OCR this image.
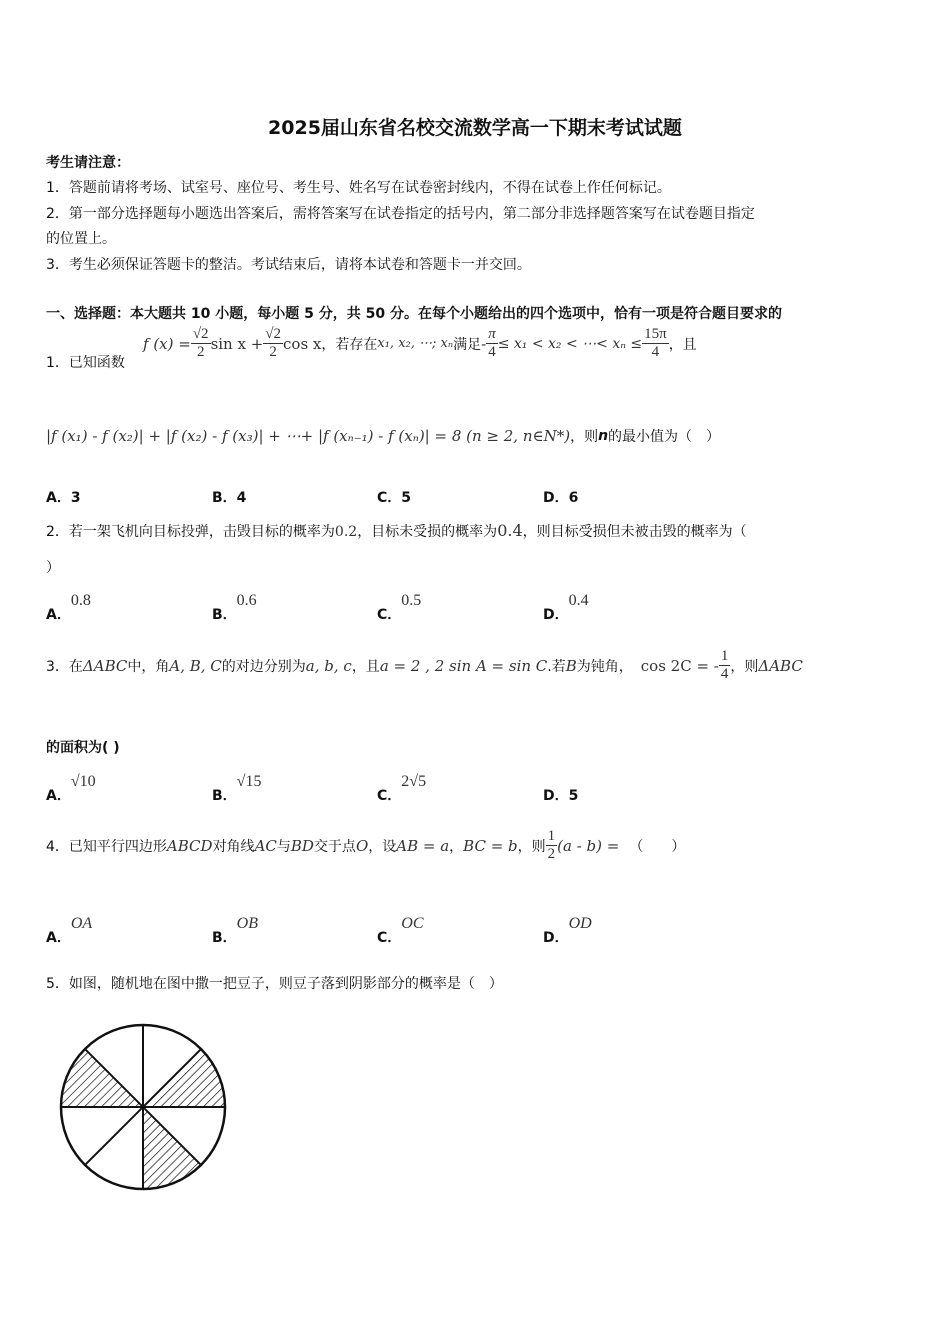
2025届山东省名校交流数学高一下期末考试试题
考生请注意：
1．答题前请将考场、试室号、座位号、考生号、姓名写在试卷密封线内，不得在试卷上作任何标记。
2．第一部分选择题每小题选出答案后，需将答案写在试卷指定的括号内，第二部分非选择题答案写在试卷题目指定
的位置上。
3．考生必须保证答题卡的整洁。考试结束后，请将本试卷和答题卡一并交回。
一、选择题：本大题共 10 小题，每小题 5 分，共 50 分。在每个小题给出的四个选项中，恰有一项是符合题目要求的
1．已知函数
f $(x) = \frac{√2}{2}$ $\sin x + \frac{√2}{2}$ cos x ，若存在 x₁, x₂, ⋯; xₙ 满足 - $\frac{\pi}{4} \le x_1 < x_2$ < ⋯< $x_n \le \frac{15\pi}{4}$ ，且
|f (x₁) - f (x₂)| + |f (x₂) - f (x₃)| + ⋯+ |f (xₙ₋₁) - f (xₙ)| = 8 (n ≥ 2, n∈N*) ，则 n 的最小值为（　）
A．3	B．4	C．5	D．6
2． 若一架飞机向目标投弹，击毁目标的概率为 0.2 ，目标未受损的概率为 0.4 ，则目标受损但未被击毁的概率为（
）
A．0.8
B．0.6
C．0.5
D．0.4
3． 在 ΔABC 中，角 A, B, C 的对边分别为 a, b, c ，且 a = 2 , 2 sin A = sin C .若 B 为钝角， cos 2C = - $\frac{1}{4}$ ，则 ΔABC
的面积为( )
A．√10
B．√15
C．2√5
D．5
4． 已知平行四边形 ABCD 对角线 AC 与 BD 交于点 O ，设 AB = a ， BC = b ，则 $\frac{1}{2} (a - b)$ = （　　）
A．OA
B．OB
C．OC
D．OD
5．如图，随机地在图中撒一把豆子，则豆子落到阴影部分的概率是（　）
